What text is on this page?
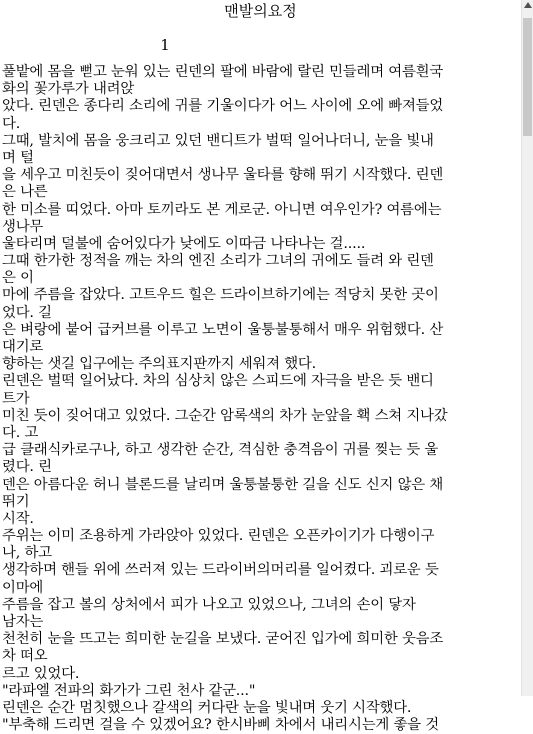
맨발의요정
1
풀밭에 몸을 뻗고 눈워 있는 린덴의 팔에 바람에 랄린 민들레며 여름흰국
화의 꽃가루가 내려앉
았다. 린덴은 종다리 소리에 귀를 기울이다가 어느 사이에 오에 빠져들었
다.
그때, 발치에 몸을 웅크리고 있던 밴디트가 벌떡 일어나더니, 눈을 빛내
며 털
을 세우고 미친듯이 짖어대면서 생나무 울타를 향해 뛰기 시작했다. 린덴
은 나른
한 미소를 띠었다. 아마 토끼라도 본 게로군. 아니면 여우인가? 여름에는
생나무
울타리며 덜불에 숨어있다가 낮에도 이따금 나타나는 걸.....
그때 한가한 정적을 깨는 차의 엔진 소리가 그녀의 귀에도 들려 와 린덴
은 이
마에 주름을 잡았다. 고트우드 힐은 드라이브하기에는 적당치 못한 곳이
었다. 길
은 벼랑에 붙어 급커브를 이루고 노면이 울퉁불퉁해서 매우 위험했다. 산
대기로
향하는 샛길 입구에는 주의표지판까지 세워져 했다.
린덴은 벌떡 일어났다. 차의 심상치 않은 스피드에 자극을 받은 듯 밴디
트가
미친 듯이 짖어대고 있었다. 그순간 암록색의 차가 눈앞을 홱 스쳐 지나갔
다. 고
급 클래식카로구나, 하고 생각한 순간, 격심한 충격음이 귀를 찢는 듯 울
렸다. 린
덴은 아름다운 허니 블론드를 날리며 울퉁불퉁한 길을 신도 신지 않은 채
뛰기
시작.
주위는 이미 조용하게 가라앉아 있었다. 린덴은 오픈카이기가 다행이구
나, 하고
생각하며 핸들 위에 쓰러져 있는 드라이버의머리를 일어켰다. 괴로운 듯
이마에
주름을 잡고 볼의 상처에서 피가 나오고 있었으나, 그녀의 손이 닿자
남자는
천천히 눈을 뜨고는 희미한 눈길을 보냈다. 굳어진 입가에 희미한 웃음조
차 떠오
르고 있었다.
"라파엘 전파의 화가가 그린 천사 같군..."
린덴은 순간 멈칫했으나 갈색의 커다란 눈을 빛내며 웃기 시작했다.
"부축해 드리면 걸을 수 있겠어요? 한시바삐 차에서 내리시는게 좋을 것
